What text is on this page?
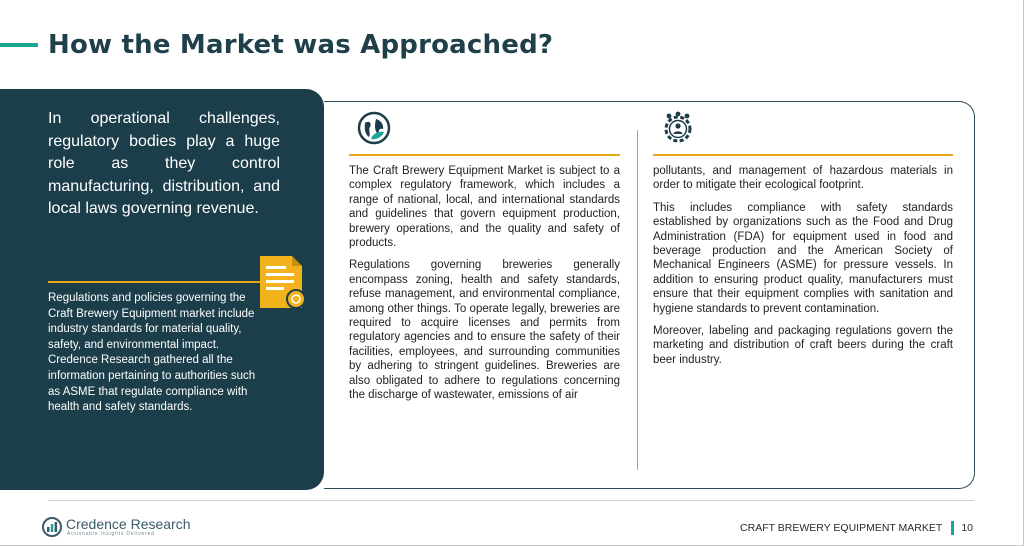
How the Market was Approached?
In operational challenges, regulatory bodies play a huge role as they control manufacturing, distribution, and local laws governing revenue.
Regulations and policies governing the Craft Brewery Equipment market include industry standards for material quality, safety, and environmental impact. Credence Research gathered all the information pertaining to authorities such as ASME that regulate compliance with health and safety standards.

The Craft Brewery Equipment Market is subject to a complex regulatory framework, which includes a range of national, local, and international standards and guidelines that govern equipment production, brewery operations, and the quality and safety of products.

Regulations governing breweries generally encompass zoning, health and safety standards, refuse management, and environmental compliance, among other things. To operate legally, breweries are required to acquire licenses and permits from regulatory agencies and to ensure the safety of their facilities, employees, and surrounding communities by adhering to stringent guidelines. Breweries are also obligated to adhere to regulations concerning the discharge of wastewater, emissions of air

pollutants, and management of hazardous materials in order to mitigate their ecological footprint.

This includes compliance with safety standards established by organizations such as the Food and Drug Administration (FDA) for equipment used in food and beverage production and the American Society of Mechanical Engineers (ASME) for pressure vessels. In addition to ensuring product quality, manufacturers must ensure that their equipment complies with sanitation and hygiene standards to prevent contamination.

Moreover, labeling and packaging regulations govern the marketing and distribution of craft beers during the craft beer industry.

Credence Research
Actionable Insights Delivered	CRAFT BREWERY EQUIPMENT MARKET 10
